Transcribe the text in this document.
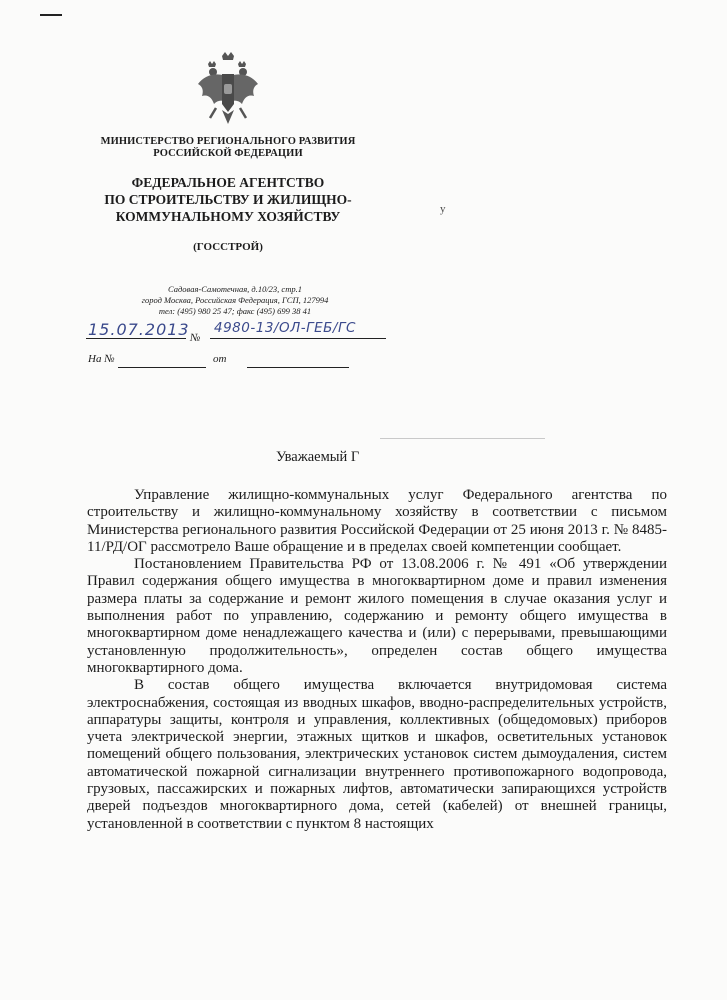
МИНИСТЕРСТВО РЕГИОНАЛЬНОГО РАЗВИТИЯ
РОССИЙСКОЙ ФЕДЕРАЦИИ
ФЕДЕРАЛЬНОЕ АГЕНТСТВО
ПО СТРОИТЕЛЬСТВУ И ЖИЛИЩНО-
КОММУНАЛЬНОМУ ХОЗЯЙСТВУ
(ГОССТРОЙ)
у
Садовая-Самотечная, д.10/23, стр.1
город Москва, Российская Федерация, ГСП, 127994
тел: (495) 980 25 47; факс (495) 699 38 41
15.07.2013 №
4980-13/ОЛ-ГЕБ/ГС
На №	от
Уважаемый Г

Управление жилищно-коммунальных услуг Федерального агентства по строительству и жилищно-коммунальному хозяйству в соответствии с письмом Министерства регионального развития Российской Федерации от 25 июня 2013 г. № 8485-11/РД/ОГ рассмотрело Ваше обращение и в пределах своей компетенции сообщает.

Постановлением Правительства РФ от 13.08.2006 г. № 491 «Об утверждении Правил содержания общего имущества в многоквартирном доме и правил изменения размера платы за содержание и ремонт жилого помещения в случае оказания услуг и выполнения работ по управлению, содержанию и ремонту общего имущества в многоквартирном доме ненадлежащего качества и (или) с перерывами, превышающими установленную продолжительность», определен состав общего имущества многоквартирного дома.

В состав общего имущества включается внутридомовая система электроснабжения, состоящая из вводных шкафов, вводно-распределительных устройств, аппаратуры защиты, контроля и управления, коллективных (общедомовых) приборов учета электрической энергии, этажных щитков и шкафов, осветительных установок помещений общего пользования, электрических установок систем дымоудаления, систем автоматической пожарной сигнализации внутреннего противопожарного водопровода, грузовых, пассажирских и пожарных лифтов, автоматически запирающихся устройств дверей подъездов многоквартирного дома, сетей (кабелей) от внешней границы, установленной в соответствии с пунктом 8 настоящих
